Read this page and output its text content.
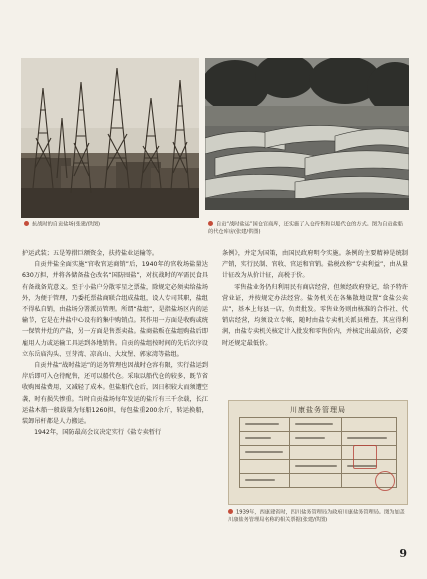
抗战时的自贡盐场(张建/供图)	自贡“战时盐运”国仓官商库，还实施了入仓待售和以船代仓的方式。图为自贡盐船的代仓库房(张建/供图)

护运武装；五是筹措巨额资金，扶持盐业运输等。

自贡井盐全面实施“官收官运商销”后，1940年的官收场盐量达630万担，并将各储备盐仓改名“国防囤盐”，对抗战时的军需民食具有备战备荒意义。至于小盐户分散零星之票盐，除规定必须卖给盐场外，为便于管理，乃委托票盐商联合组成盐组，设人专司其职，盐组不得私自销，由盐场分署派员管理。所谓“盐组”，是指盐场区内的运输节，它是在井盐中心设有的集中购销点。其作用一方面是收购或统一保管井灶的产盐，另一方面是售票卖盐。盐商盐贩在盐组购盐后即雇用人力或运输工具运到各地销售。自贡的盐组按时间的先后次序设立东岳庙沟头、豆芽湾、凉高山、大坟堡、郭家湾等盐组。

自贡井盐“战时盐运”的运务管理也因战时仓容有限，实行盐运到岸后即可入仓待配售，还可以船代仓。采取以船代仓的较多，既节省收购囤盐费用，又减轻了成本。但盐船代仓后，因日积较大而须遭空袭，时有损失惨重。当时自贡盐场每年发运的盐斤有三千余载，长江运盐木船一般载量为每船1260担，每包盐重200余斤，转运换船，装卸吊杆都是人力搬运。

1942年，国防最高会议决定实行《盐专卖暂行

条例》，并定为国策，由国民政府明令实施。条例的主要精神是统制产销，实行民制、官收、官运和官销。盐税改称“专卖利益”，由从量计征改为从价计征，高税于价。

零售盐业务仍归利用民有商店经营，但须经政府登记，给予特许营业证，并按规定办法经营。盐务机关在各集散地设置“食盐公卖店”，基本上每县一店，负责批发。零售业务则由核准的合作社、代销店经营，均须设立专帐，随时由盐专卖机关派员稽查，其应得利润，由盐专卖机关核定计入批发和零售价内，并核定出最高价，必要时还规定最低价。

川康盐务管理局
1939年，西康建省时，四川盐务管理局为政府川康盐务管理局。图为加盖川康盐务管理局名称的相关票据(张建/供图)
9
